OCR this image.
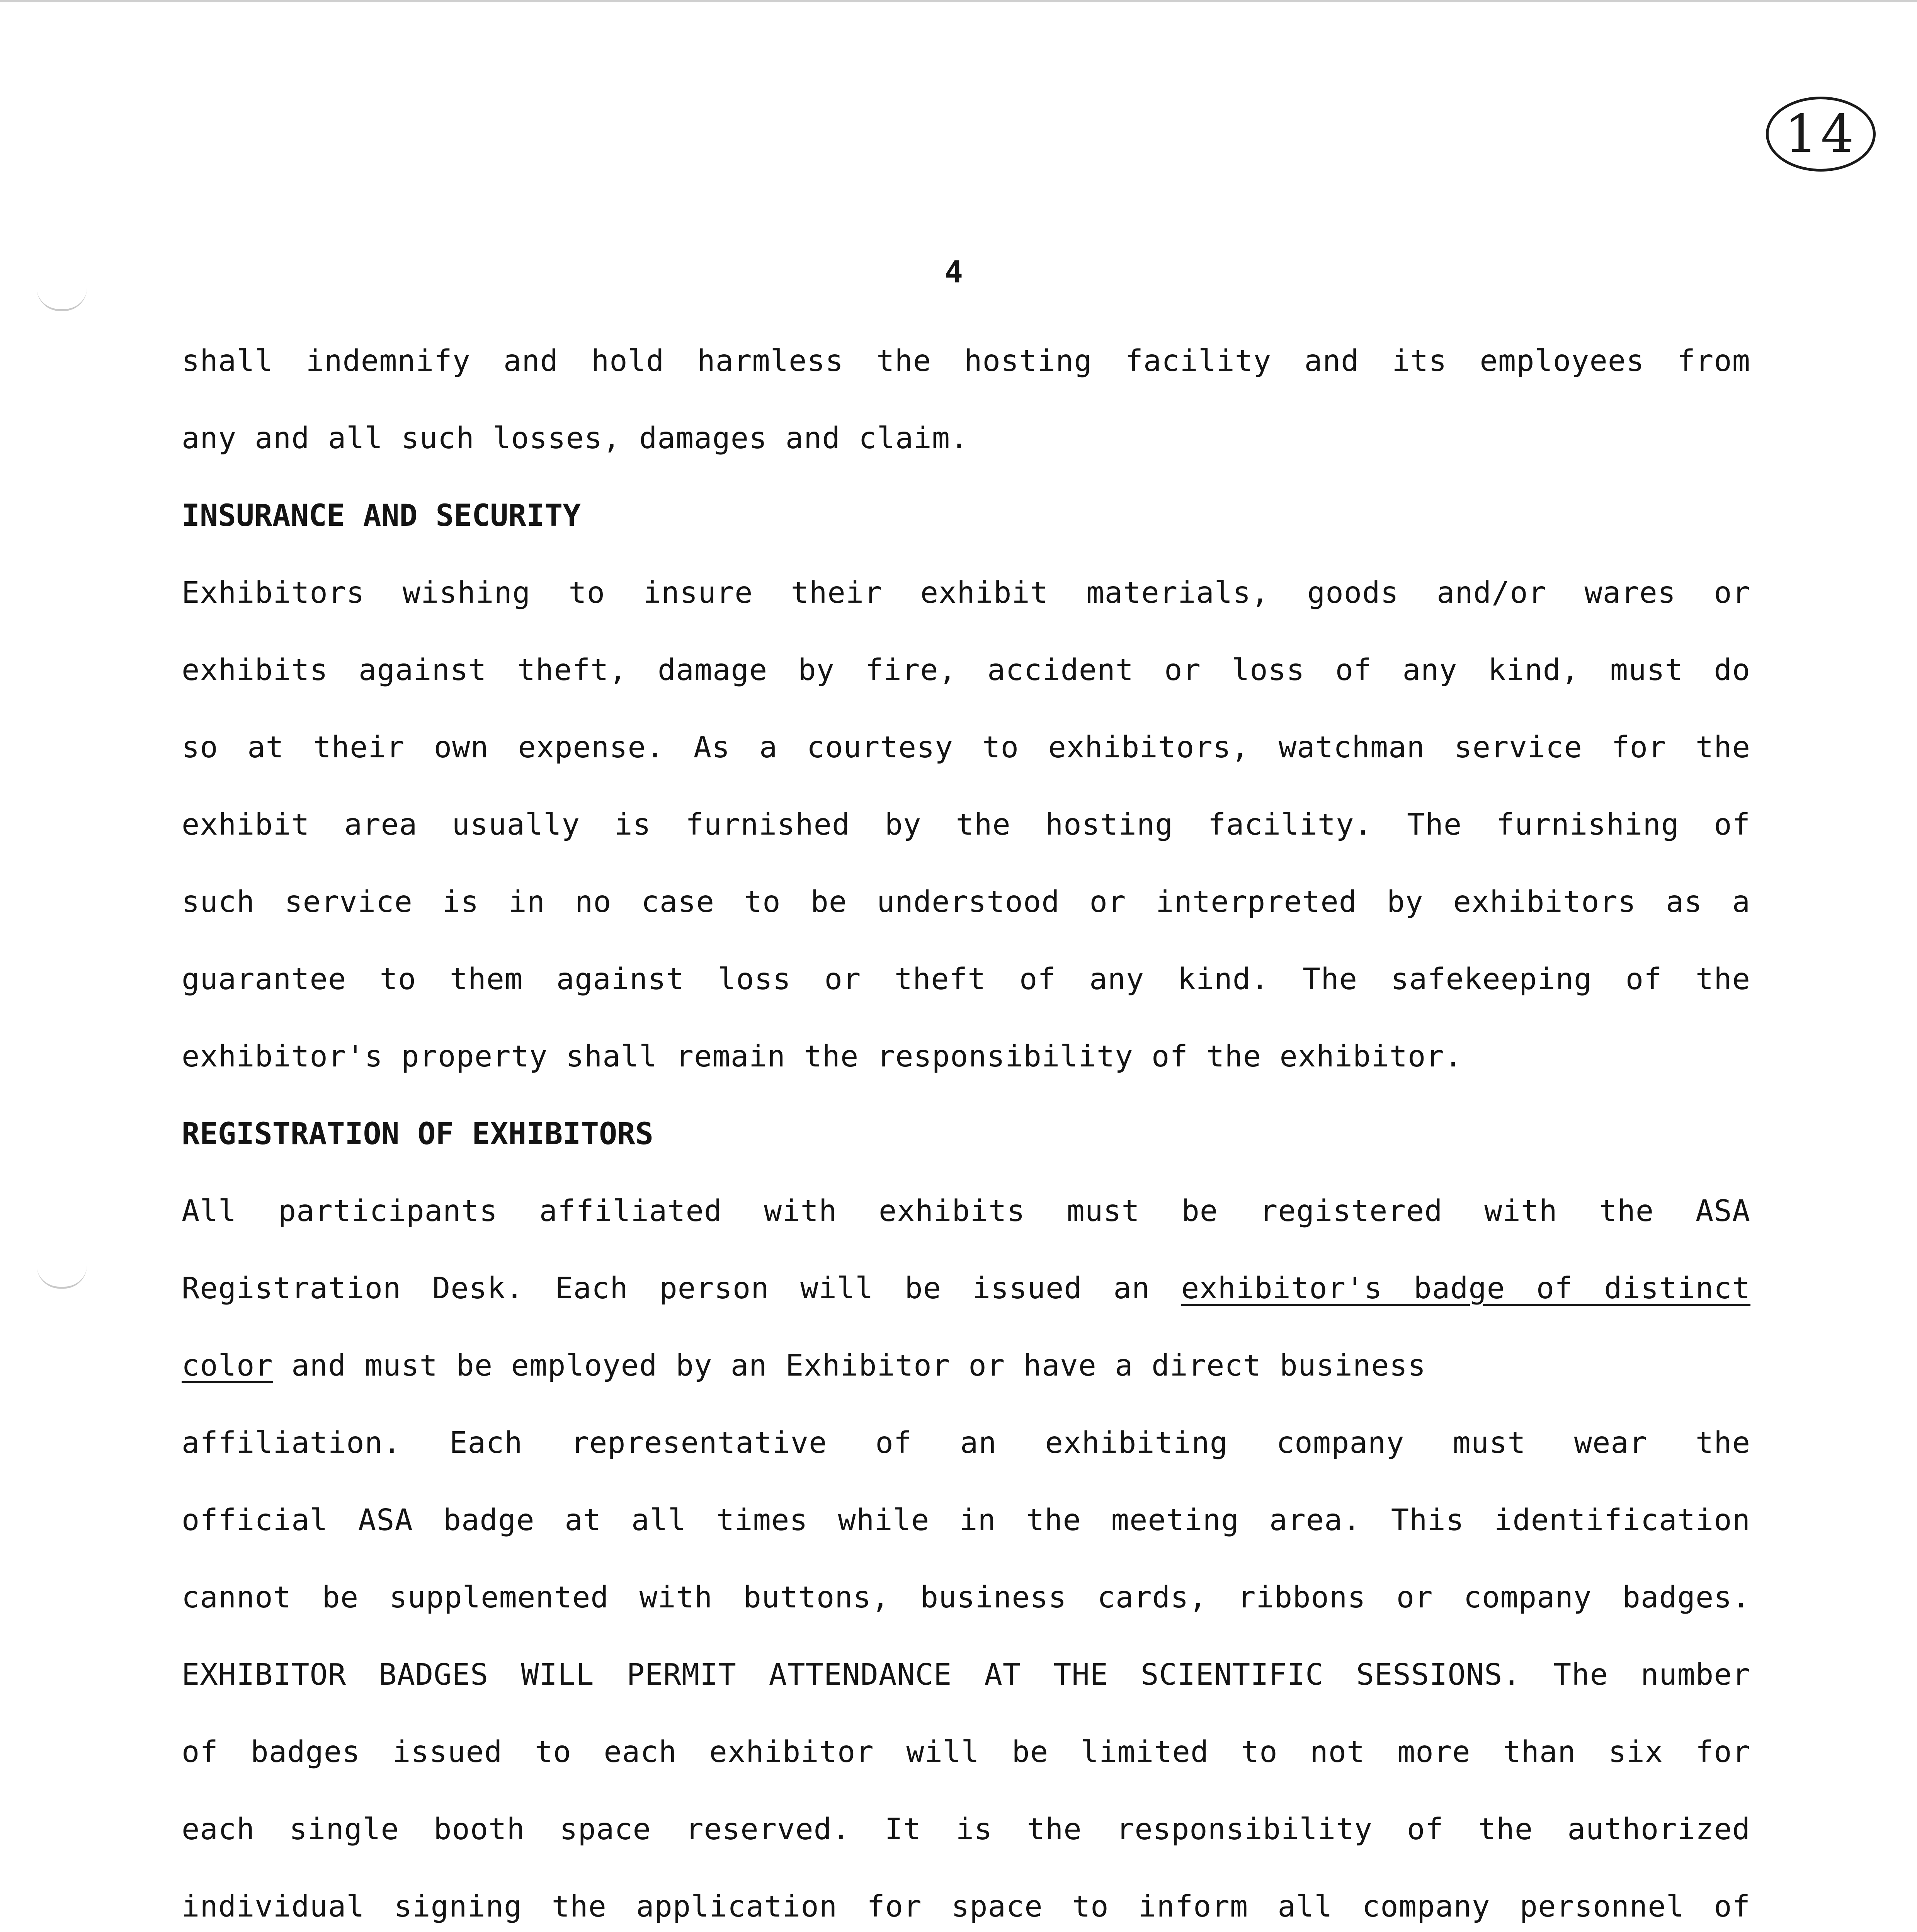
14
4
shall indemnify and hold harmless the hosting facility and its employees from
any and all such losses, damages and claim.
INSURANCE AND SECURITY
Exhibitors wishing to insure their exhibit materials, goods and/or wares or
exhibits against theft, damage by fire, accident or loss of any kind, must do
so at their own expense. As a courtesy to exhibitors, watchman service for the
exhibit area usually is furnished by the hosting facility. The furnishing of
such service is in no case to be understood or interpreted by exhibitors as a
guarantee to them against loss or theft of any kind. The safekeeping of the
exhibitor's property shall remain the responsibility of the exhibitor.
REGISTRATION OF EXHIBITORS
All participants affiliated with exhibits must be registered with the ASA
Registration Desk. Each person will be issued an exhibitor's badge of distinct
color and must be employed by an Exhibitor or have a direct business
affiliation. Each representative of an exhibiting company must wear the
official ASA badge at all times while in the meeting area. This identification
cannot be supplemented with buttons, business cards, ribbons or company badges.
EXHIBITOR BADGES WILL PERMIT ATTENDANCE AT THE SCIENTIFIC SESSIONS. The number
of badges issued to each exhibitor will be limited to not more than six for
each single booth space reserved. It is the responsibility of the authorized
individual signing the application for space to inform all company personnel of
